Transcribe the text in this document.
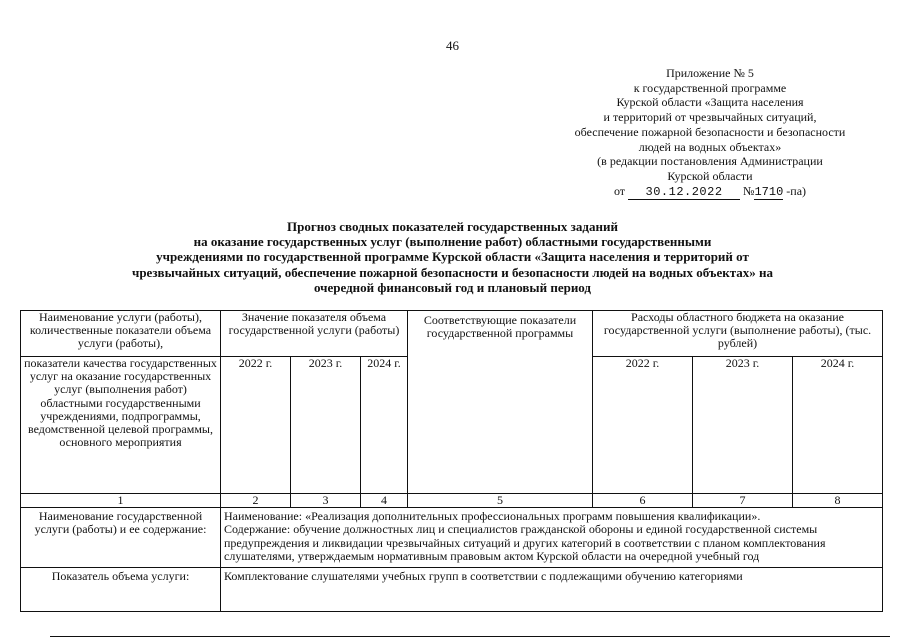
46
Приложение № 5
к государственной программе
Курской области «Защита населения
и территорий от чрезвычайных ситуаций,
обеспечение пожарной безопасности и безопасности
людей на водных объектах»
(в редакции постановления Администрации
Курской области
от 30.12.2022 №1710 -па)
Прогноз сводных показателей государственных заданий
на оказание государственных услуг (выполнение работ) областными государственными
учреждениями по государственной программе Курской области «Защита населения и территорий от
чрезвычайных ситуаций, обеспечение пожарной безопасности и безопасности людей на водных объектах» на
очередной финансовый год и плановый период
Наименование услуги (работы), количественные показатели объема услуги (работы),	Значение показателя объема государственной услуги (работы)			Соответствующие показатели государственной программы	Расходы областного бюджета на оказание государственной услуги (выполнение работы), (тыс. рублей)		
показатели качества государственных услуг на оказание государственных услуг (выполнения работ) областными государственными учреждениями, подпрограммы, ведомственной целевой программы, основного мероприятия	2022 г.	2023 г.	2024 г.		2022 г.	2023 г.	2024 г.
1	2	3	4	5	6	7	8
Наименование государственной услуги (работы) и ее содержание:	Наименование: «Реализация дополнительных профессиональных программ повышения квалификации».
Содержание: обучение должностных лиц и специалистов гражданской обороны и единой государственной системы предупреждения и ликвидации чрезвычайных ситуаций и других категорий в соответствии с планом комплектования слушателями, утверждаемым нормативным правовым актом Курской области на очередной учебный год						

Показатель объема услуги:	Комплектование слушателями учебных групп в соответствии с подлежащими обучению категориями						
